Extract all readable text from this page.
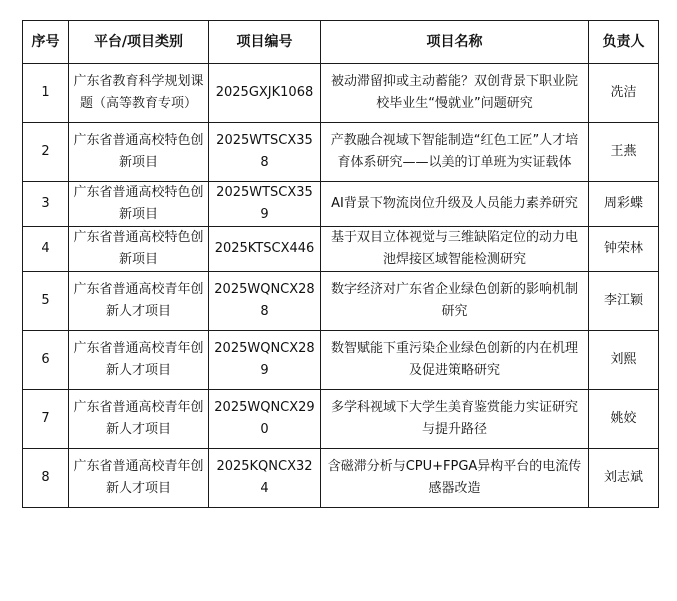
序号	平台/项目类别	项目编号	项目名称	负责人
1	广东省教育科学规划课题（高等教育专项）	2025GXJK1068	被动滞留抑或主动蓄能？双创背景下职业院校毕业生“慢就业”问题研究	冼洁
2	广东省普通高校特色创新项目	2025WTSCX358	产教融合视域下智能制造“红色工匠”人才培育体系研究——以美的订单班为实证载体	王燕
3	广东省普通高校特色创新项目	2025WTSCX359	AI背景下物流岗位升级及人员能力素养研究	周彩蝶
4	广东省普通高校特色创新项目	2025KTSCX446	基于双目立体视觉与三维缺陷定位的动力电池焊接区域智能检测研究	钟荣林
5	广东省普通高校青年创新人才项目	2025WQNCX288	数字经济对广东省企业绿色创新的影响机制研究	李江颖
6	广东省普通高校青年创新人才项目	2025WQNCX289	数智赋能下重污染企业绿色创新的内在机理及促进策略研究	刘熙
7	广东省普通高校青年创新人才项目	2025WQNCX290	多学科视域下大学生美育鉴赏能力实证研究与提升路径	姚姣
8	广东省普通高校青年创新人才项目	2025KQNCX324	含磁滞分析与CPU+FPGA异构平台的电流传感器改造	刘志斌
